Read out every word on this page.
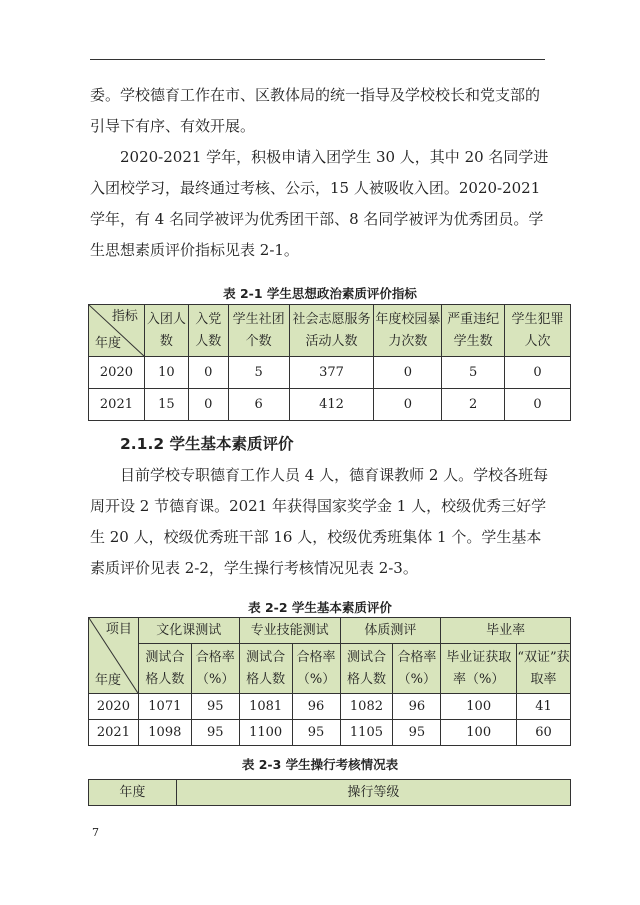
委。学校德育工作在市、区教体局的统一指导及学校校长和党支部的引导下有序、有效开展。

2020-2021 学年，积极申请入团学生 30 人，其中 20 名同学进入团校学习，最终通过考核、公示，15 人被吸收入团。2020-2021 学年，有 4 名同学被评为优秀团干部、8 名同学被评为优秀团员。学生思想素质评价指标见表 2-1。

表 2-1 学生思想政治素质评价指标
指标
年度	入团人数	入党人数	学生社团个数	社会志愿服务活动人数	年度校园暴力次数	严重违纪学生数	学生犯罪人次
2020	10	0	5	377	0	5	0
2021	15	0	6	412	0	2	0
2.1.2 学生基本素质评价

目前学校专职德育工作人员 4 人，德育课教师 2 人。学校各班每周开设 2 节德育课。2021 年获得国家奖学金 1 人，校级优秀三好学生 20 人，校级优秀班干部 16 人，校级优秀班集体 1 个。学生基本素质评价见表 2-2，学生操行考核情况见表 2-3。

表 2-2 学生基本素质评价
项目
年度	文化课测试		专业技能测试		体质测评		毕业率	
	测试合格人数	合格率（%）	测试合格人数	合格率（%）	测试合格人数	合格率（%）	毕业证获取率（%）	“双证”获取率
2020	1071	95	1081	96	1082	96	100	41
2021	1098	95	1100	95	1105	95	100	60
表 2-3 学生操行考核情况表
年度	操行等级
7
